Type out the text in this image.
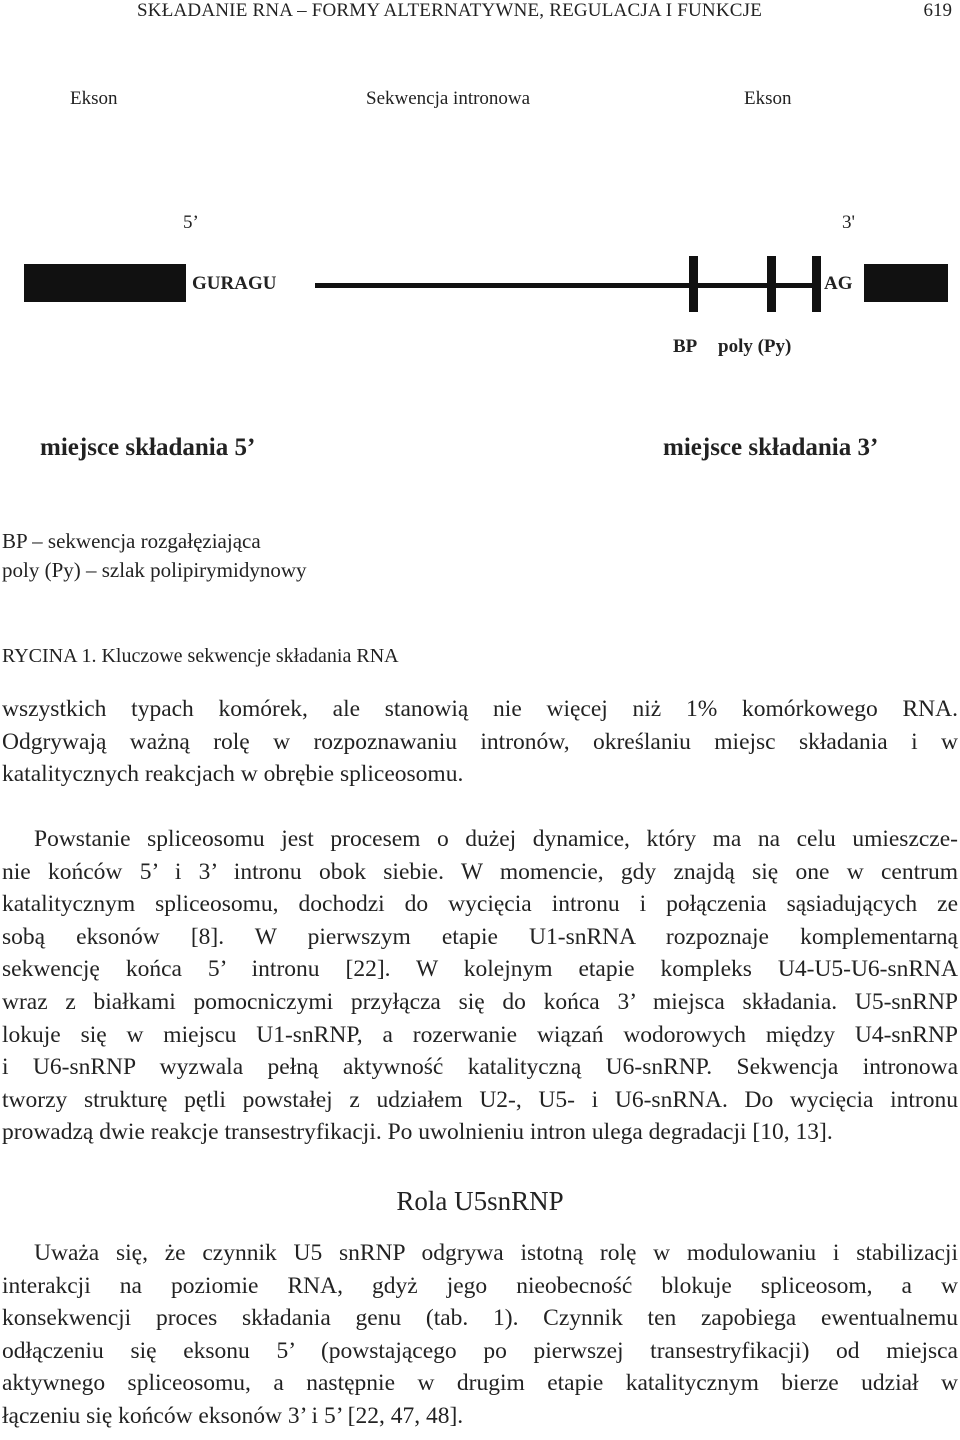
SKŁADANIE RNA – FORMY ALTERNATYWNE, REGULACJA I FUNKCJE	619
Ekson	Sekwencja intronowa	Ekson
5’	3'
GURAGU	AG
BP poly (Py)
miejsce składania 5’	miejsce składania 3’
BP – sekwencja rozgałęziająca
poly (Py) – szlak polipirymidynowy
RYCINA 1. Kluczowe sekwencje składania RNA
wszystkich typach komórek, ale stanowią nie więcej niż 1% komórkowego RNA.
Odgrywają ważną rolę w rozpoznawaniu intronów, określaniu miejsc składania i w
katalitycznych reakcjach w obrębie spliceosomu.
Powstanie spliceosomu jest procesem o dużej dynamice, który ma na celu umieszcze-
nie końców 5’ i 3’ intronu obok siebie. W momencie, gdy znajdą się one w centrum
katalitycznym spliceosomu, dochodzi do wycięcia intronu i połączenia sąsiadujących ze
sobą eksonów [8]. W pierwszym etapie U1-snRNA rozpoznaje komplementarną
sekwencję końca 5’ intronu [22]. W kolejnym etapie kompleks U4-U5-U6-snRNA
wraz z białkami pomocniczymi przyłącza się do końca 3’ miejsca składania. U5-snRNP
lokuje się w miejscu U1-snRNP, a rozerwanie wiązań wodorowych między U4-snRNP
i U6-snRNP wyzwala pełną aktywność katalityczną U6-snRNP. Sekwencja intronowa
tworzy strukturę pętli powstałej z udziałem U2-, U5- i U6-snRNA. Do wycięcia intronu
prowadzą dwie reakcje transestryfikacji. Po uwolnieniu intron ulega degradacji [10, 13].
Rola U5snRNP
Uważa się, że czynnik U5 snRNP odgrywa istotną rolę w modulowaniu i stabilizacji
interakcji na poziomie RNA, gdyż jego nieobecność blokuje spliceosom, a w
konsekwencji proces składania genu (tab. 1). Czynnik ten zapobiega ewentualnemu
odłączeniu się eksonu 5’ (powstającego po pierwszej transestryfikacji) od miejsca
aktywnego spliceosomu, a następnie w drugim etapie katalitycznym bierze udział w
łączeniu się końców eksonów 3’ i 5’ [22, 47, 48].
